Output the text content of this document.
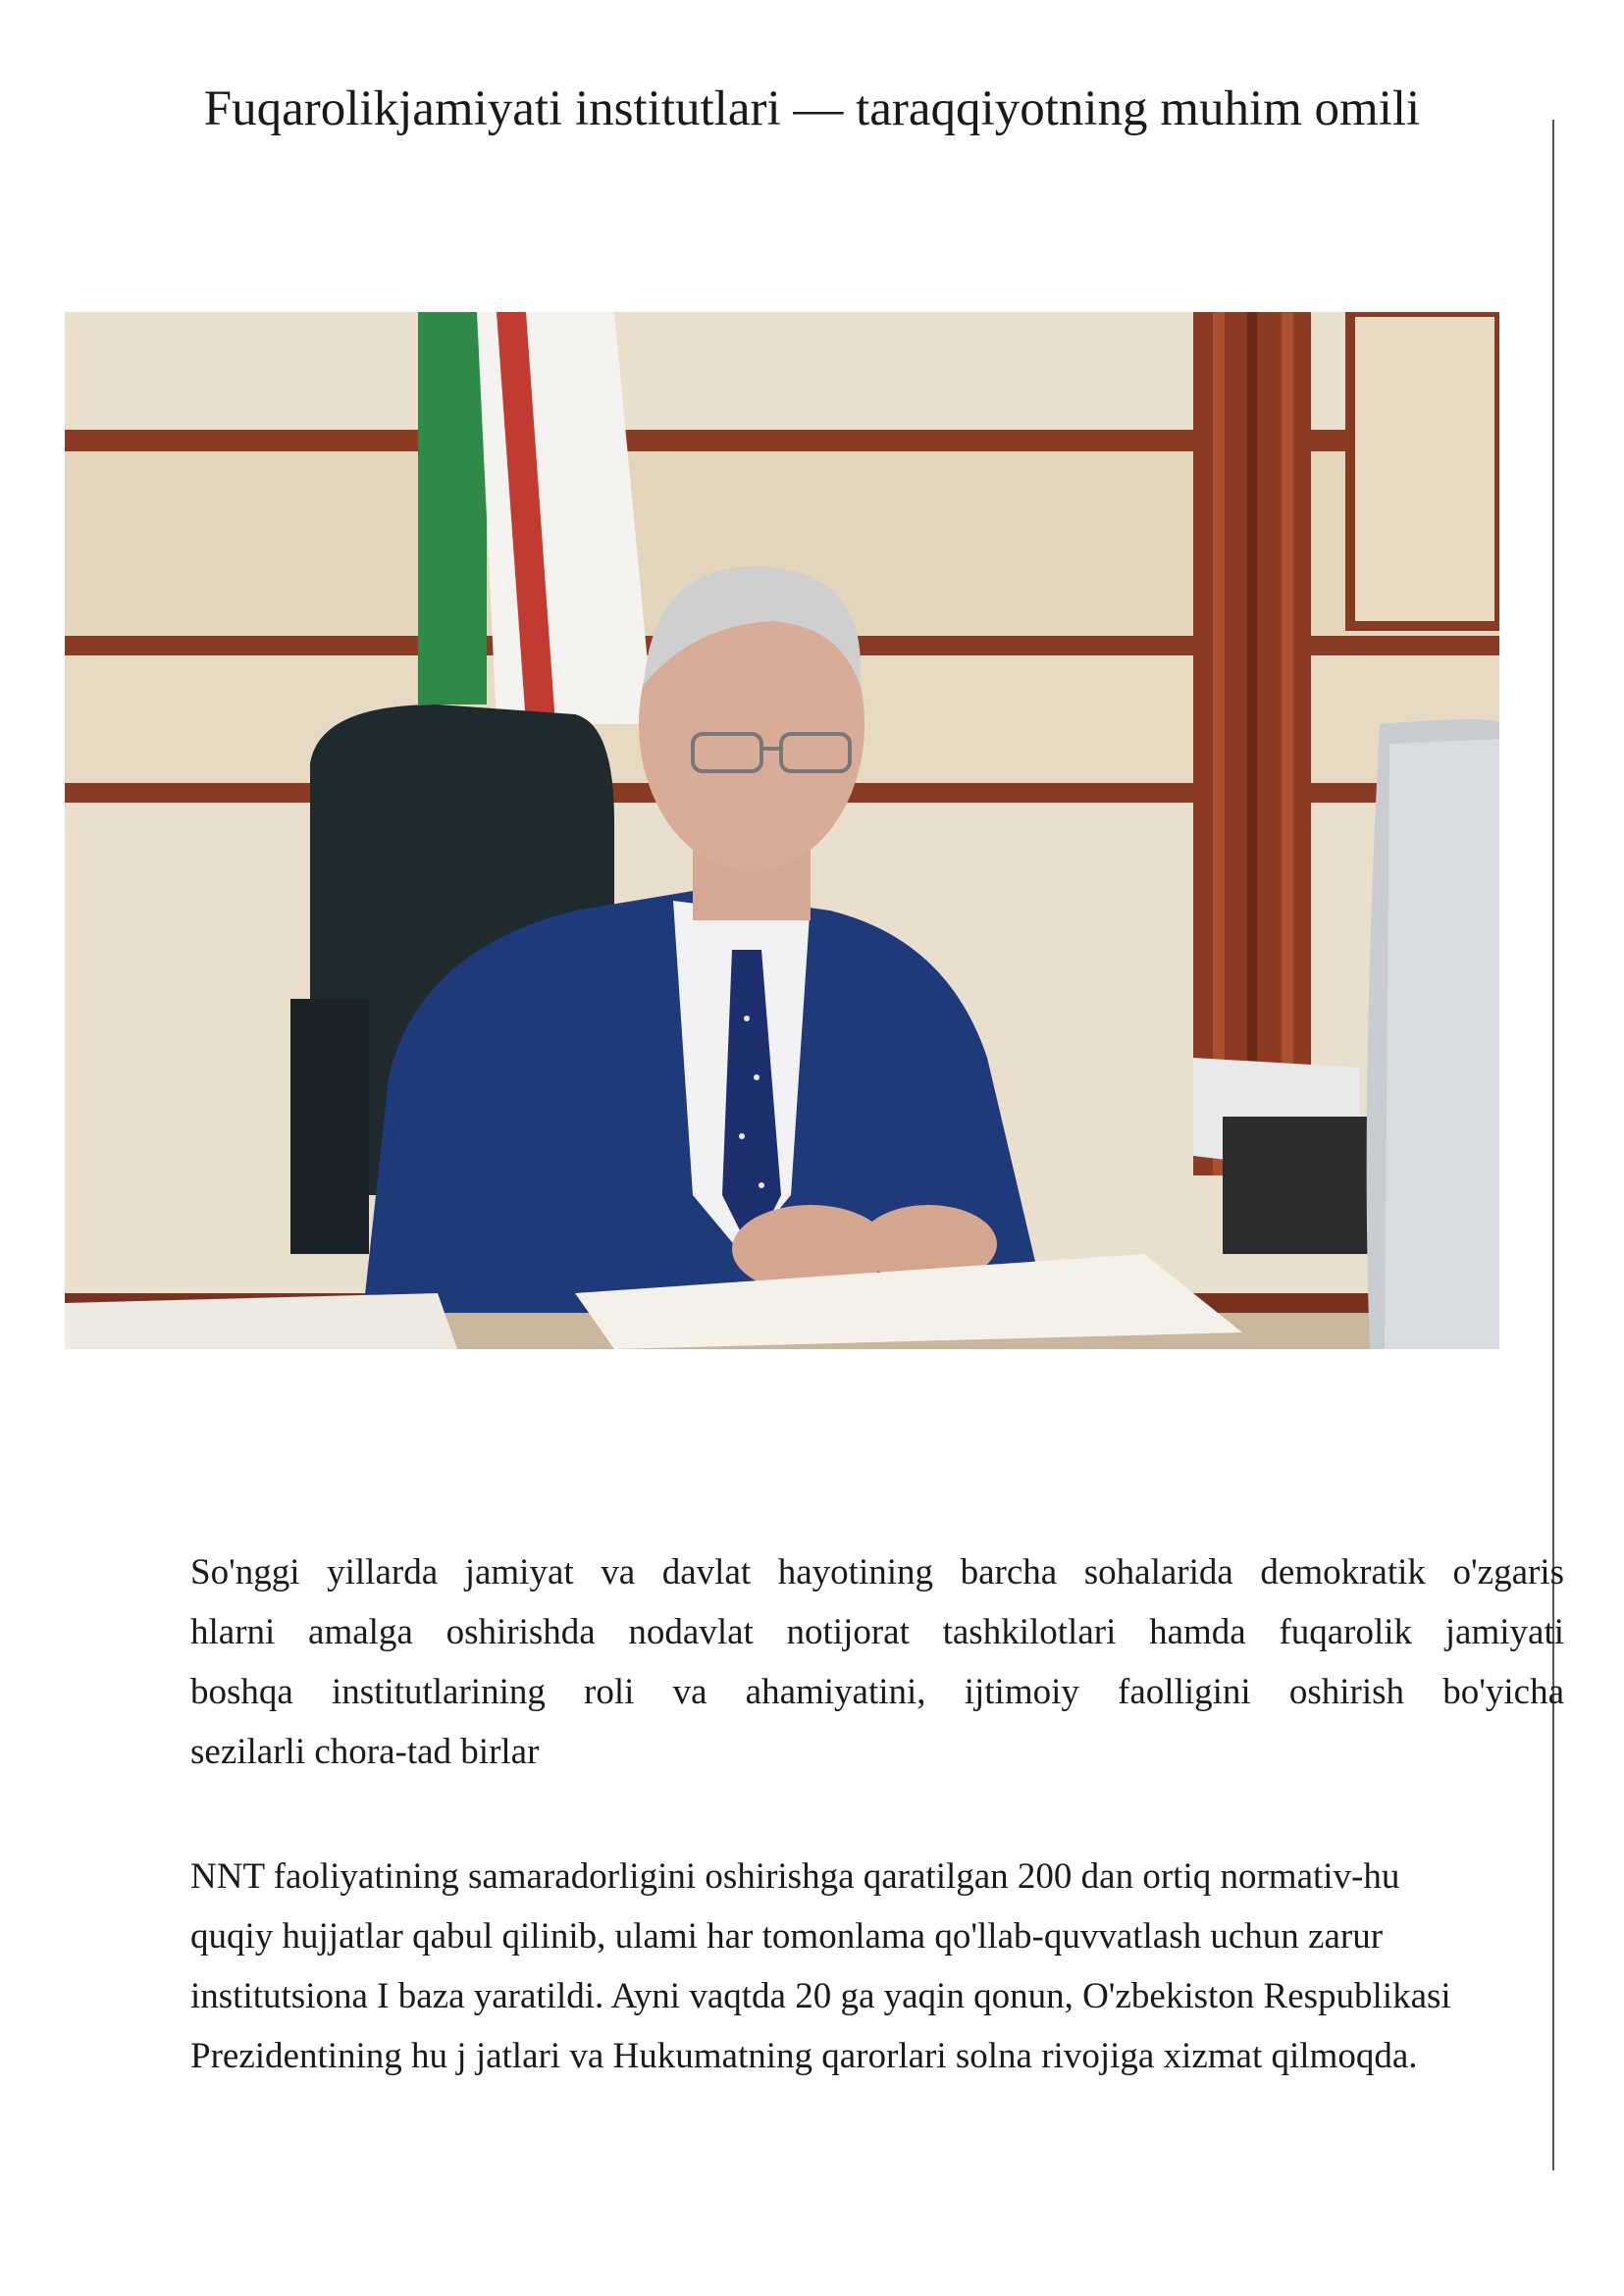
Fuqarolikjamiyati institutlari — taraqqiyotning muhim omili
So'nggi yillarda jamiyat va davlat hayotining barcha sohalarida demokratik o'zgaris
hlarni amalga oshirishda nodavlat notijorat tashkilotlari hamda fuqarolik jamiyati
boshqa institutlarining roli va ahamiyatini, ijtimoiy faolligini oshirish bo'yicha
sezilarli chora-tad birlar
NNT faoliyatining samaradorligini oshirishga qaratilgan 200 dan ortiq normativ-hu
quqiy hujjatlar qabul qilinib, ulami har tomonlama qo'llab-quvvatlash uchun zarur
institutsiona I baza yaratildi. Ayni vaqtda 20 ga yaqin qonun, O'zbekiston Respublikasi
Prezidentining hu j jatlari va Hukumatning qarorlari solna rivojiga xizmat qilmoqda.
